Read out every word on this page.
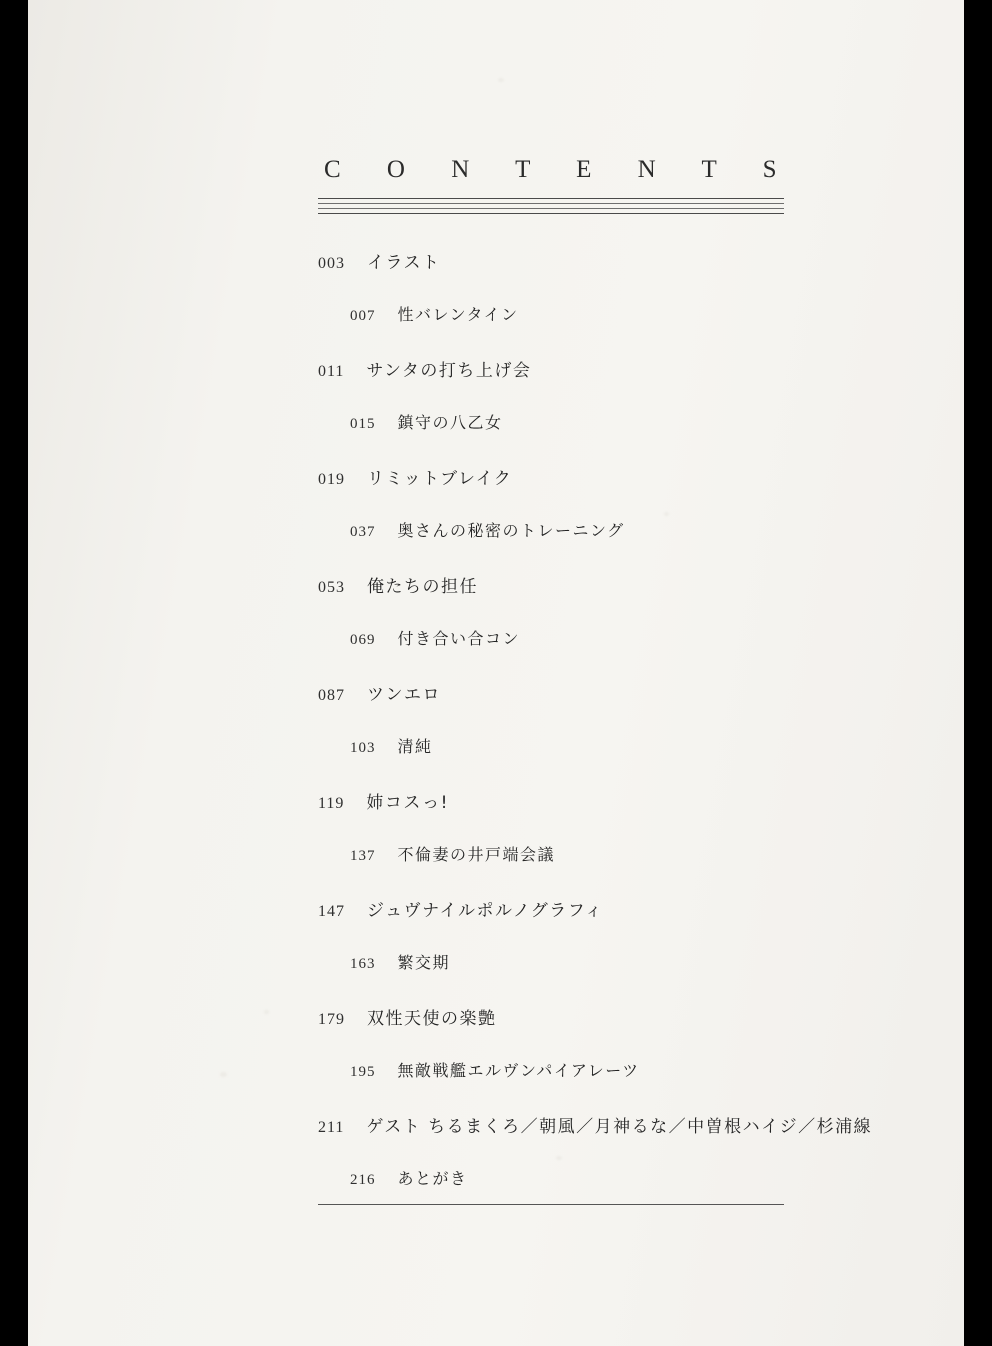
C O N T E N T S
003 イラスト
007 性バレンタイン
011 サンタの打ち上げ会
015 鎮守の八乙女
019 リミットブレイク
037 奥さんの秘密のトレーニング
053 俺たちの担任
069 付き合い合コン
087 ツンエロ
103 清純
119 姉コスっ!
137 不倫妻の井戸端会議
147 ジュヴナイルポルノグラフィ
163 繁交期
179 双性天使の楽艶
195 無敵戦艦エルヴンパイアレーツ
211 ゲスト ちるまくろ／朝風／月神るな／中曽根ハイジ／杉浦線
216 あとがき
